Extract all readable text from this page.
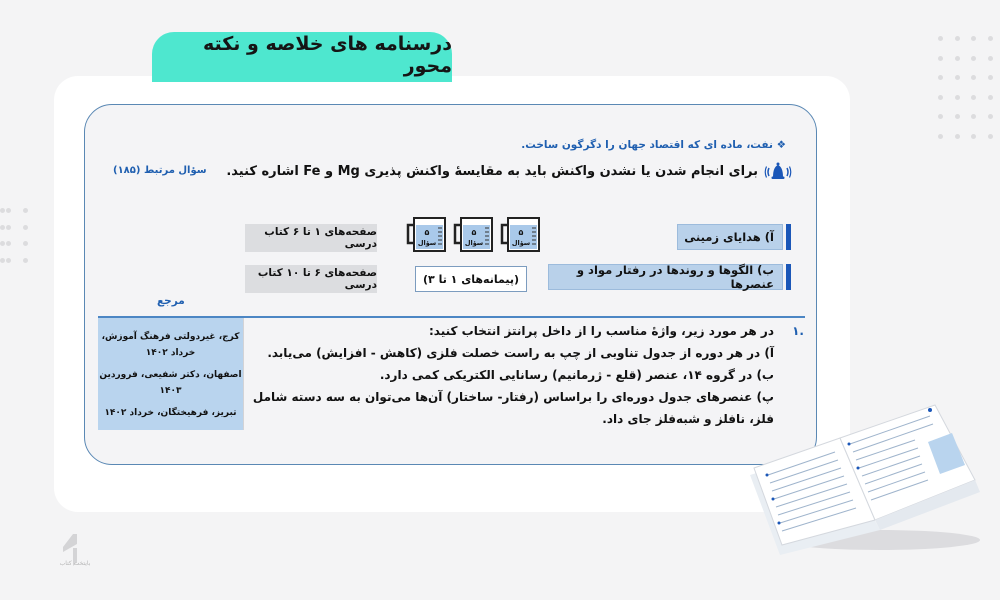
درسنامه های خلاصه و نکته محور
❖ نفت، ماده ای که اقتصاد جهان را دگرگون ساخت.
برای انجام شدن یا نشدن واکنش باید به مقایسهٔ واکنش پذیری Mg و Fe اشاره کنید.
سؤال مرتبط (۱۸۵)
آ) هدایای زمینی
ب) الگوها و روندها در رفتار مواد و عنصرها
صفحه‌های ۱ تا ۶ کتاب درسی
صفحه‌های ۶ تا ۱۰ کتاب درسی
۵
سؤال
۵
سؤال
۵
سؤال
(پیمانه‌های ۱ تا ۳)
مرجع

کرج، غیردولتی فرهنگ آموزش، خرداد ۱۴۰۲

اصفهان، دکتر شفیعی، فروردین ۱۴۰۳

تبریز، فرهیختگان، خرداد ۱۴۰۲

۱.
در هر مورد زیر، واژهٔ مناسب را از داخل پرانتز انتخاب کنید:
آ) در هر دوره از جدول تناوبی از چپ به راست خصلت فلزی (کاهش - افزایش) می‌یابد.
ب) در گروه ۱۴، عنصر (قلع - ژرمانیم) رسانایی الکتریکی کمی دارد.
پ) عنصرهای جدول دوره‌ای را براساس (رفتار- ساختار) آن‌ها می‌توان به سه دسته شامل فلز، نافلز و شبه‌فلز جای داد.
بایتخت کتاب
